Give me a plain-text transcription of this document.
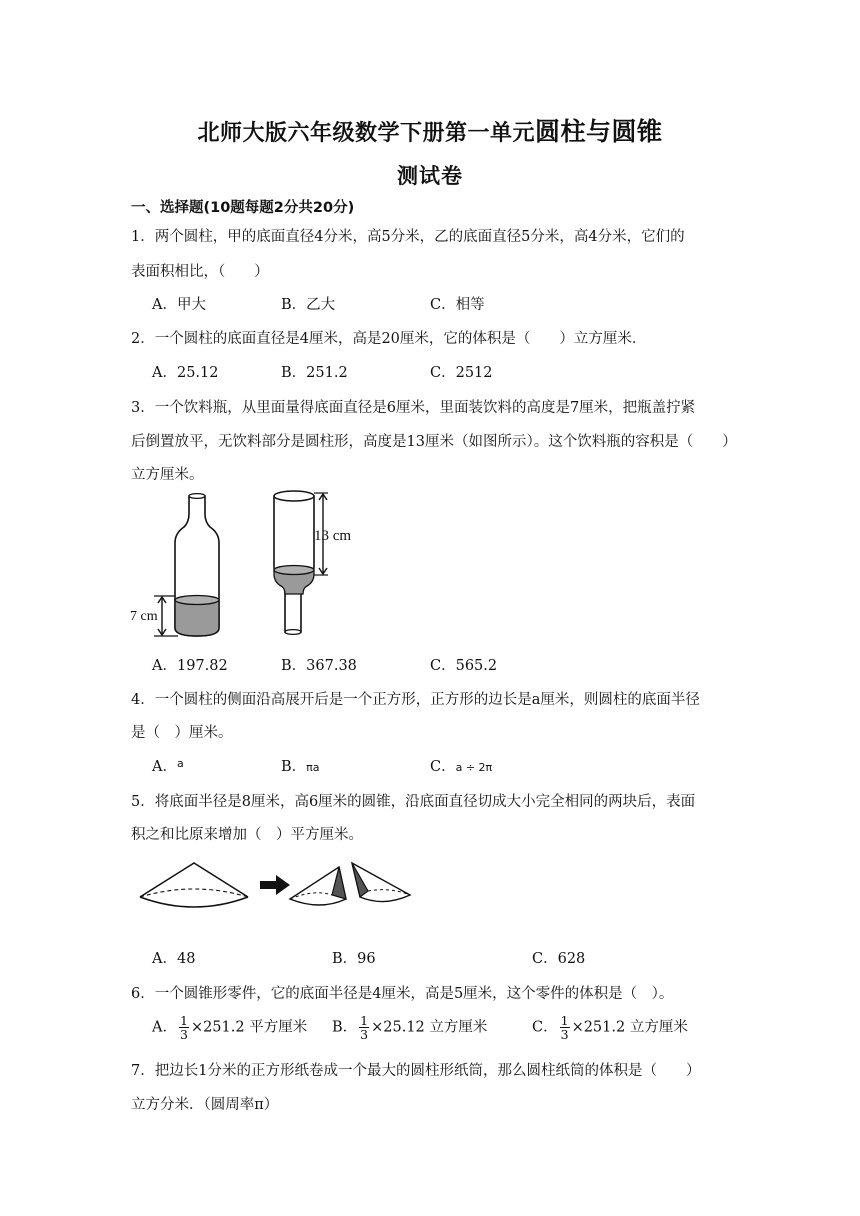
北师大版六年级数学下册第一单元圆柱与圆锥
测试卷
一、选择题(10题每题2分共20分)
1．两个圆柱，甲的底面直径4分米，高5分米，乙的底面直径5分米，高4分米，它们的
表面积相比，（　　）
A．甲大	B．乙大	C．相等
2．一个圆柱的底面直径是4厘米，高是20厘米，它的体积是（　　）立方厘米．
A．25.12	B．251.2	C．2512
3．一个饮料瓶，从里面量得底面直径是6厘米，里面装饮料的高度是7厘米，把瓶盖拧紧
后倒置放平，无饮料部分是圆柱形，高度是13厘米（如图所示）。这个饮料瓶的容积是（　　）
立方厘米。
7 cm
13 cm
A．197.82	B．367.38	C．565.2
4．一个圆柱的侧面沿高展开后是一个正方形，正方形的边长是a厘米，则圆柱的底面半径
是（　）厘米。
A．$^a$	B．πa	C．a ÷ 2π
5．将底面半径是8厘米，高6厘米的圆锥，沿底面直径切成大小完全相同的两块后，表面
积之和比原来增加（　）平方厘米。
A．48	B．96	C．628
6．一个圆锥形零件，它的底面半径是4厘米，高是5厘米，这个零件的体积是（　）。
A． $\frac{1}{3} \times 251.2$ 平方厘米 B． $\frac{1}{3} \times 25.12$ 立方厘米	C． $\frac{1}{3} \times 251.2$ 立方厘米
7．把边长1分米的正方形纸卷成一个最大的圆柱形纸筒，那么圆柱纸筒的体积是（　　）
立方分米．（圆周率π）
